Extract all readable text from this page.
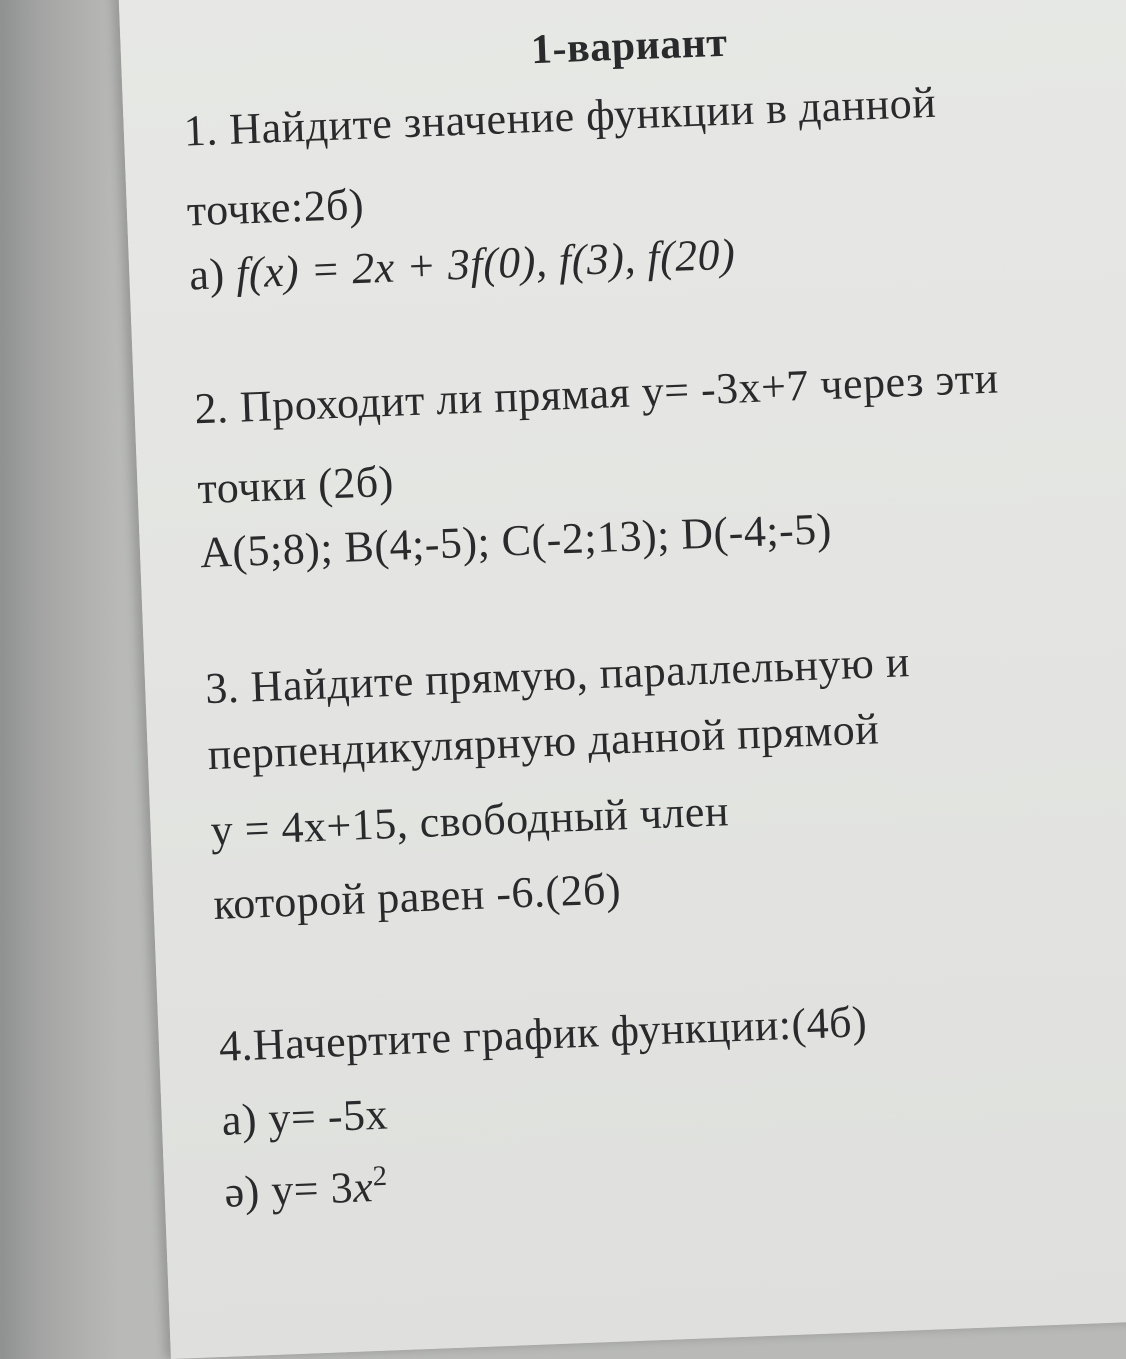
1-вариант
1. Найдите значение функции в данной
точке:2б)
а) f(x) = 2x + 3f(0), f(3), f(20)
2. Проходит ли прямая у= -3х+7 через эти
точки (2б)
А(5;8); В(4;-5); С(-2;13); D(-4;-5)
3. Найдите прямую, параллельную и
перпендикулярную данной прямой
у = 4х+15, свободный член
которой равен -6.(2б)
4.Начертите график функции:(4б)
а) у= -5х
ә) $у= 3x^2$
